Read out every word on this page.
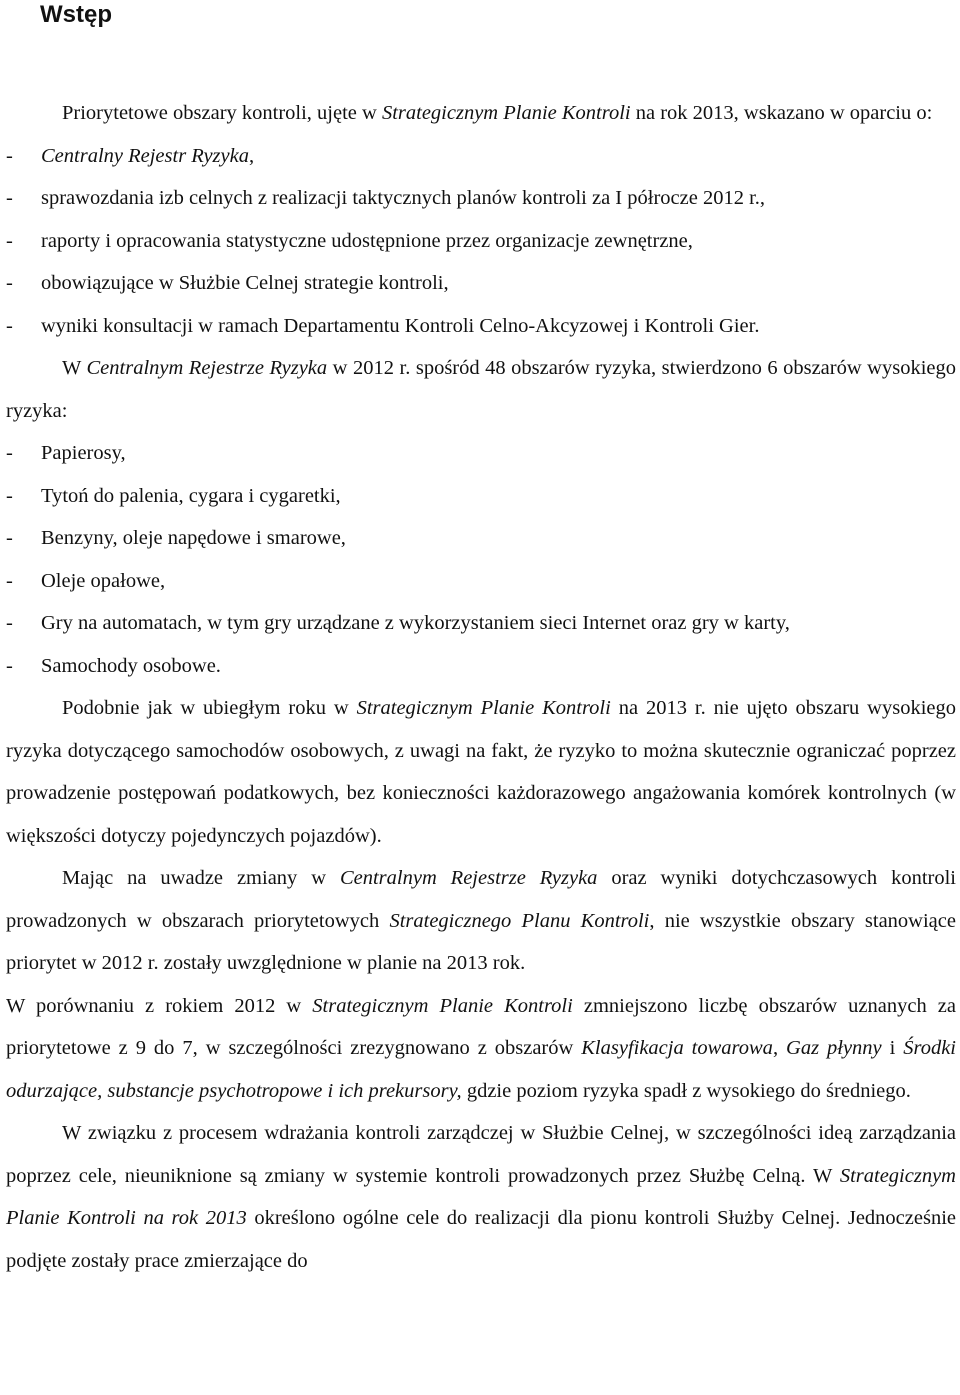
Wstęp

Priorytetowe obszary kontroli, ujęte w Strategicznym Planie Kontroli na rok 2013, wskazano w oparciu o:

- Centralny Rejestr Ryzyka,
- sprawozdania izb celnych z realizacji taktycznych planów kontroli za I półrocze 2012 r.,
- raporty i opracowania statystyczne udostępnione przez organizacje zewnętrzne,
- obowiązujące w Służbie Celnej strategie kontroli,
- wyniki konsultacji w ramach Departamentu Kontroli Celno-Akcyzowej i Kontroli Gier.

W Centralnym Rejestrze Ryzyka w 2012 r. spośród 48 obszarów ryzyka, stwierdzono 6 obszarów wysokiego ryzyka:

- Papierosy,
- Tytoń do palenia, cygara i cygaretki,
- Benzyny, oleje napędowe i smarowe,
- Oleje opałowe,
- Gry na automatach, w tym gry urządzane z wykorzystaniem sieci Internet oraz gry w karty,
- Samochody osobowe.

Podobnie jak w ubiegłym roku w Strategicznym Planie Kontroli na 2013 r. nie ujęto obszaru wysokiego ryzyka dotyczącego samochodów osobowych, z uwagi na fakt, że ryzyko to można skutecznie ograniczać poprzez prowadzenie postępowań podatkowych, bez konieczności każdorazowego angażowania komórek kontrolnych (w większości dotyczy pojedynczych pojazdów).

Mając na uwadze zmiany w Centralnym Rejestrze Ryzyka oraz wyniki dotychczasowych kontroli prowadzonych w obszarach priorytetowych Strategicznego Planu Kontroli, nie wszystkie obszary stanowiące priorytet w 2012 r. zostały uwzględnione w planie na 2013 rok.

W porównaniu z rokiem 2012 w Strategicznym Planie Kontroli zmniejszono liczbę obszarów uznanych za priorytetowe z 9 do 7, w szczególności zrezygnowano z obszarów Klasyfikacja towarowa, Gaz płynny i Środki odurzające, substancje psychotropowe i ich prekursory, gdzie poziom ryzyka spadł z wysokiego do średniego.

W związku z procesem wdrażania kontroli zarządczej w Służbie Celnej, w szczególności ideą zarządzania poprzez cele, nieuniknione są zmiany w systemie kontroli prowadzonych przez Służbę Celną. W Strategicznym Planie Kontroli na rok 2013 określono ogólne cele do realizacji dla pionu kontroli Służby Celnej. Jednocześnie podjęte zostały prace zmierzające do
